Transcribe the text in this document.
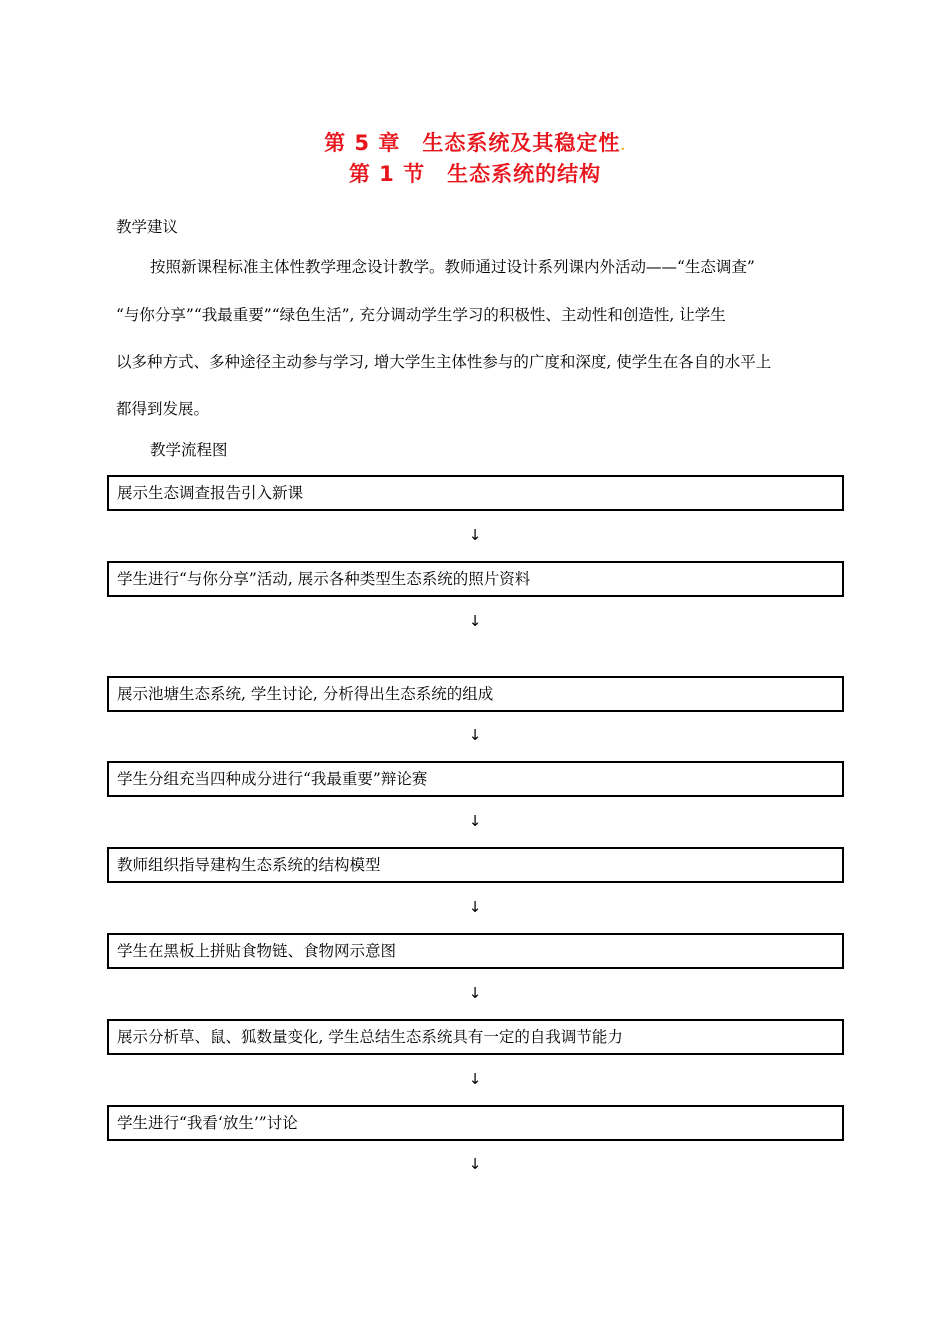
第 5 章 生态系统及其稳定性.
第 1 节 生态系统的结构
教学建议
按照新课程标准主体性教学理念设计教学。教师通过设计系列课内外活动——“生态调查”
“与你分享”“我最重要”“绿色生活”, 充分调动学生学习的积极性、主动性和创造性, 让学生
以多种方式、多种途径主动参与学习, 增大学生主体性参与的广度和深度, 使学生在各自的水平上
都得到发展。
教学流程图
展示生态调查报告引入新课
↓
学生进行“与你分享”活动, 展示各种类型生态系统的照片资料
↓
展示池塘生态系统, 学生讨论, 分析得出生态系统的组成
↓
学生分组充当四种成分进行“我最重要”辩论赛
↓
教师组织指导建构生态系统的结构模型
↓
学生在黑板上拼贴食物链、食物网示意图
↓
展示分析草、鼠、狐数量变化, 学生总结生态系统具有一定的自我调节能力
↓
学生进行“我看‘放生’”讨论
↓
